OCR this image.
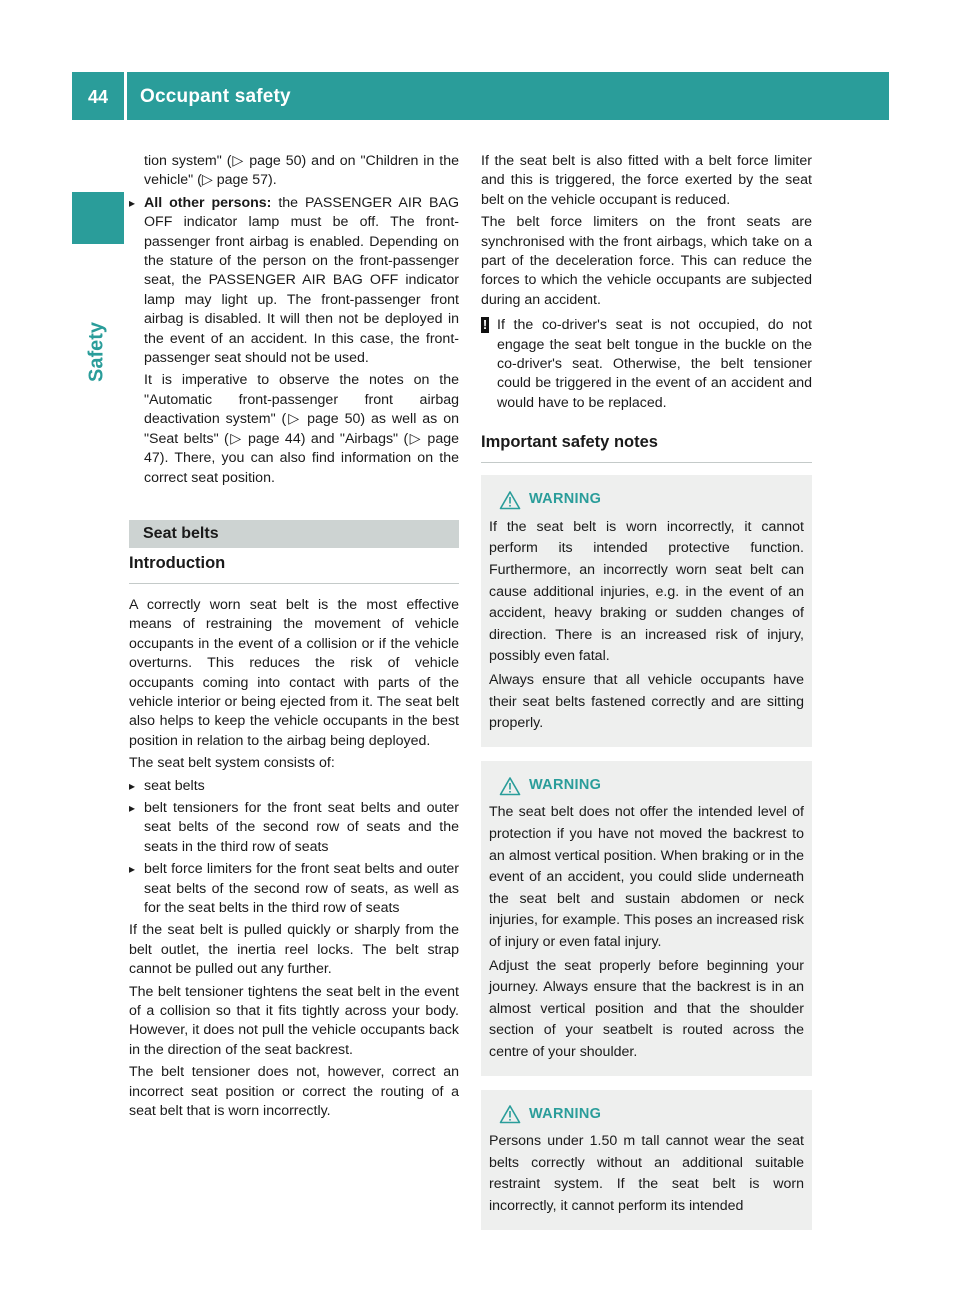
44	Occupant safety
Safety

tion system" (▷ page 50) and on "Children in the vehicle" (▷ page 57).

▸ All other persons: the PASSENGER AIR BAG OFF indicator lamp must be off. The front-passenger front airbag is enabled. Depending on the stature of the person on the front-passenger seat, the PASSENGER AIR BAG OFF indicator lamp may light up. The front-passenger front airbag is disabled. It will then not be deployed in the event of an accident. In this case, the front-passenger seat should not be used.

It is imperative to observe the notes on the "Automatic front-passenger front airbag deactivation system" (▷ page 50) as well as on "Seat belts" (▷ page 44) and "Airbags" (▷ page 47). There, you can also find information on the correct seat position.

Seat belts
Introduction

A correctly worn seat belt is the most effective means of restraining the movement of vehicle occupants in the event of a collision or if the vehicle overturns. This reduces the risk of vehicle occupants coming into contact with parts of the vehicle interior or being ejected from it. The seat belt also helps to keep the vehicle occupants in the best position in relation to the airbag being deployed.

The seat belt system consists of:

▸ seat belts
▸ belt tensioners for the front seat belts and outer seat belts of the second row of seats and the seats in the third row of seats
▸ belt force limiters for the front seat belts and outer seat belts of the second row of seats, as well as for the seat belts in the third row of seats

If the seat belt is pulled quickly or sharply from the belt outlet, the inertia reel locks. The belt strap cannot be pulled out any further.

The belt tensioner tightens the seat belt in the event of a collision so that it fits tightly across your body. However, it does not pull the vehicle occupants back in the direction of the seat backrest.

The belt tensioner does not, however, correct an incorrect seat position or correct the routing of a seat belt that is worn incorrectly.

If the seat belt is also fitted with a belt force limiter and this is triggered, the force exerted by the seat belt on the vehicle occupant is reduced.

The belt force limiters on the front seats are synchronised with the front airbags, which take on a part of the deceleration force. This can reduce the forces to which the vehicle occupants are subjected during an accident.

! If the co-driver's seat is not occupied, do not engage the seat belt tongue in the buckle on the co-driver's seat. Otherwise, the belt tensioner could be triggered in the event of an accident and would have to be replaced.
Important safety notes
WARNING

If the seat belt is worn incorrectly, it cannot perform its intended protective function. Furthermore, an incorrectly worn seat belt can cause additional injuries, e.g. in the event of an accident, heavy braking or sudden changes of direction. There is an increased risk of injury, possibly even fatal.

Always ensure that all vehicle occupants have their seat belts fastened correctly and are sitting properly.

WARNING

The seat belt does not offer the intended level of protection if you have not moved the backrest to an almost vertical position. When braking or in the event of an accident, you could slide underneath the seat belt and sustain abdomen or neck injuries, for example. This poses an increased risk of injury or even fatal injury.

Adjust the seat properly before beginning your journey. Always ensure that the backrest is in an almost vertical position and that the shoulder section of your seatbelt is routed across the centre of your shoulder.

WARNING

Persons under 1.50 m tall cannot wear the seat belts correctly without an additional suitable restraint system. If the seat belt is worn incorrectly, it cannot perform its intended
